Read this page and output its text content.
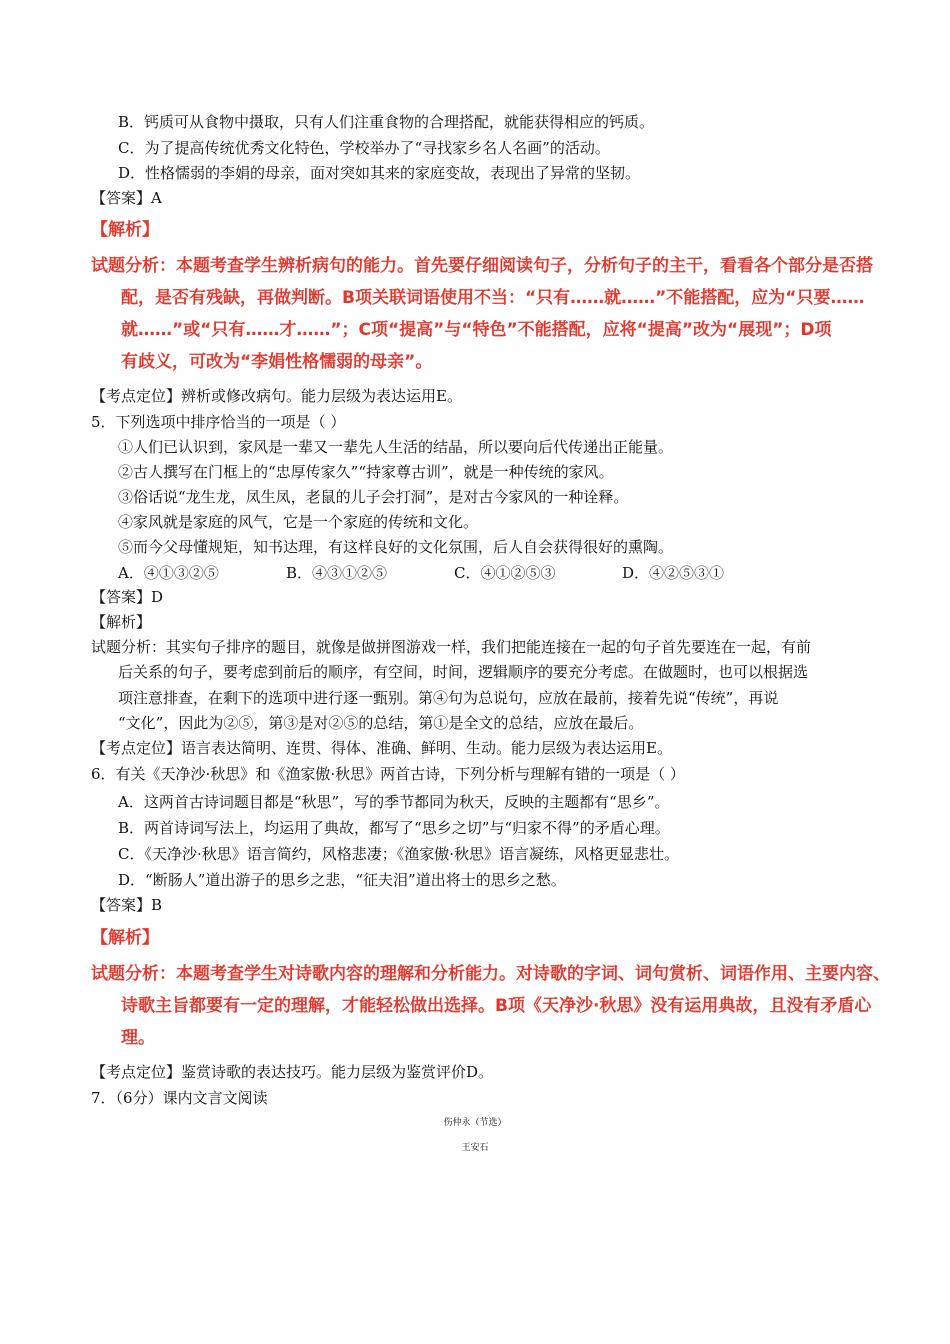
B．钙质可从食物中摄取，只有人们注重食物的合理搭配，就能获得相应的钙质。
C．为了提高传统优秀文化特色，学校举办了“寻找家乡名人名画”的活动。
D．性格懦弱的李娟的母亲，面对突如其来的家庭变故，表现出了异常的坚韧。
【答案】A
【解析】
试题分析：本题考查学生辨析病句的能力。首先要仔细阅读句子，分析句子的主干，看看各个部分是否搭
配，是否有残缺，再做判断。B项关联词语使用不当：“只有……就……”不能搭配，应为“只要……
就……”或“只有……才……”；C项“提高”与“特色”不能搭配，应将“提高”改为“展现”；D项
有歧义，可改为“李娟性格懦弱的母亲”。
【考点定位】辨析或修改病句。能力层级为表达运用E。
5．下列选项中排序恰当的一项是（ ）
①人们已认识到，家风是一辈又一辈先人生活的结晶，所以要向后代传递出正能量。
②古人撰写在门框上的“忠厚传家久”“持家尊古训”，就是一种传统的家风。
③俗话说“龙生龙，凤生凤，老鼠的儿子会打洞”，是对古今家风的一种诠释。
④家风就是家庭的风气，它是一个家庭的传统和文化。
⑤而今父母懂规矩，知书达理，有这样良好的文化氛围，后人自会获得很好的熏陶。
A．④①③②⑤	B．④③①②⑤	C．④①②⑤③	D．④②⑤③①
【答案】D
【解析】
试题分析：其实句子排序的题目，就像是做拼图游戏一样，我们把能连接在一起的句子首先要连在一起，有前
后关系的句子，要考虑到前后的顺序，有空间，时间，逻辑顺序的要充分考虑。在做题时，也可以根据选
项注意排查，在剩下的选项中进行逐一甄别。第④句为总说句，应放在最前，接着先说“传统”，再说
“文化”，因此为②⑤，第③是对②⑤的总结，第①是全文的总结，应放在最后。
【考点定位】语言表达简明、连贯、得体、准确、鲜明、生动。能力层级为表达运用E。
6．有关《天净沙·秋思》和《渔家傲·秋思》两首古诗，下列分析与理解有错的一项是（ ）
A．这两首古诗词题目都是“秋思”，写的季节都同为秋天，反映的主题都有“思乡”。
B．两首诗词写法上，均运用了典故，都写了“思乡之切”与“归家不得”的矛盾心理。
C．《天净沙·秋思》语言简约，风格悲凄；《渔家傲·秋思》语言凝练，风格更显悲壮。
D．“断肠人”道出游子的思乡之悲，“征夫泪”道出将士的思乡之愁。
【答案】B
【解析】
试题分析：本题考查学生对诗歌内容的理解和分析能力。对诗歌的字词、词句赏析、词语作用、主要内容、
诗歌主旨都要有一定的理解，才能轻松做出选择。B项《天净沙·秋思》没有运用典故，且没有矛盾心
理。
【考点定位】鉴赏诗歌的表达技巧。能力层级为鉴赏评价D。
7．（6分）课内文言文阅读
伤仲永（节选）
王安石
